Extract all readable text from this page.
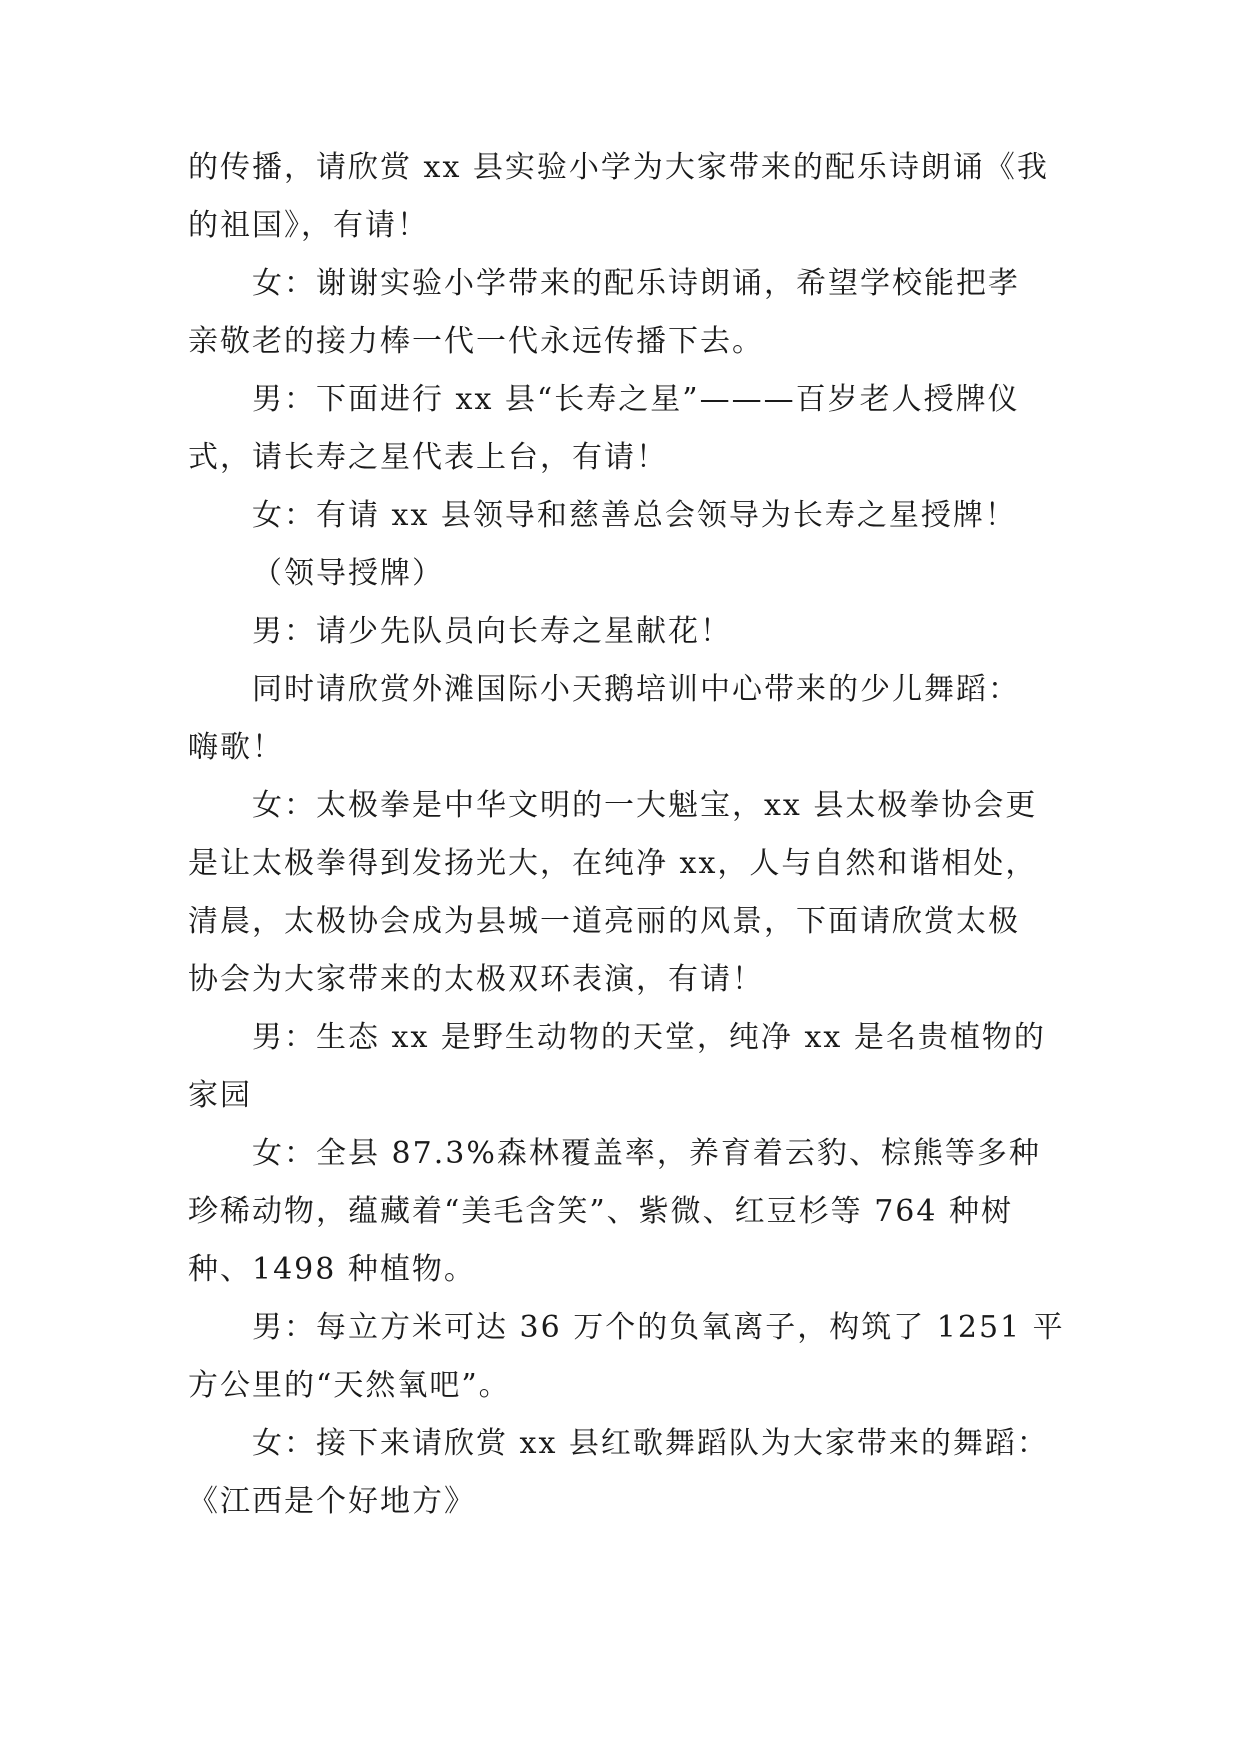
的传播，请欣赏 xx 县实验小学为大家带来的配乐诗朗诵《我
的祖国》，有请！
女：谢谢实验小学带来的配乐诗朗诵，希望学校能把孝
亲敬老的接力棒一代一代永远传播下去。
男：下面进行 xx 县“长寿之星”———百岁老人授牌仪
式，请长寿之星代表上台，有请！
女：有请 xx 县领导和慈善总会领导为长寿之星授牌！
（领导授牌）
男：请少先队员向长寿之星献花！
同时请欣赏外滩国际小天鹅培训中心带来的少儿舞蹈：
嗨歌！
女：太极拳是中华文明的一大魁宝，xx 县太极拳协会更
是让太极拳得到发扬光大，在纯净 xx，人与自然和谐相处，
清晨，太极协会成为县城一道亮丽的风景，下面请欣赏太极
协会为大家带来的太极双环表演，有请！
男：生态 xx 是野生动物的天堂，纯净 xx 是名贵植物的
家园
女：全县 87.3%森林覆盖率，养育着云豹、棕熊等多种
珍稀动物，蕴藏着“美毛含笑”、紫微、红豆杉等 764 种树
种、1498 种植物。
男：每立方米可达 36 万个的负氧离子，构筑了 1251 平
方公里的“天然氧吧”。
女：接下来请欣赏 xx 县红歌舞蹈队为大家带来的舞蹈：
《江西是个好地方》
